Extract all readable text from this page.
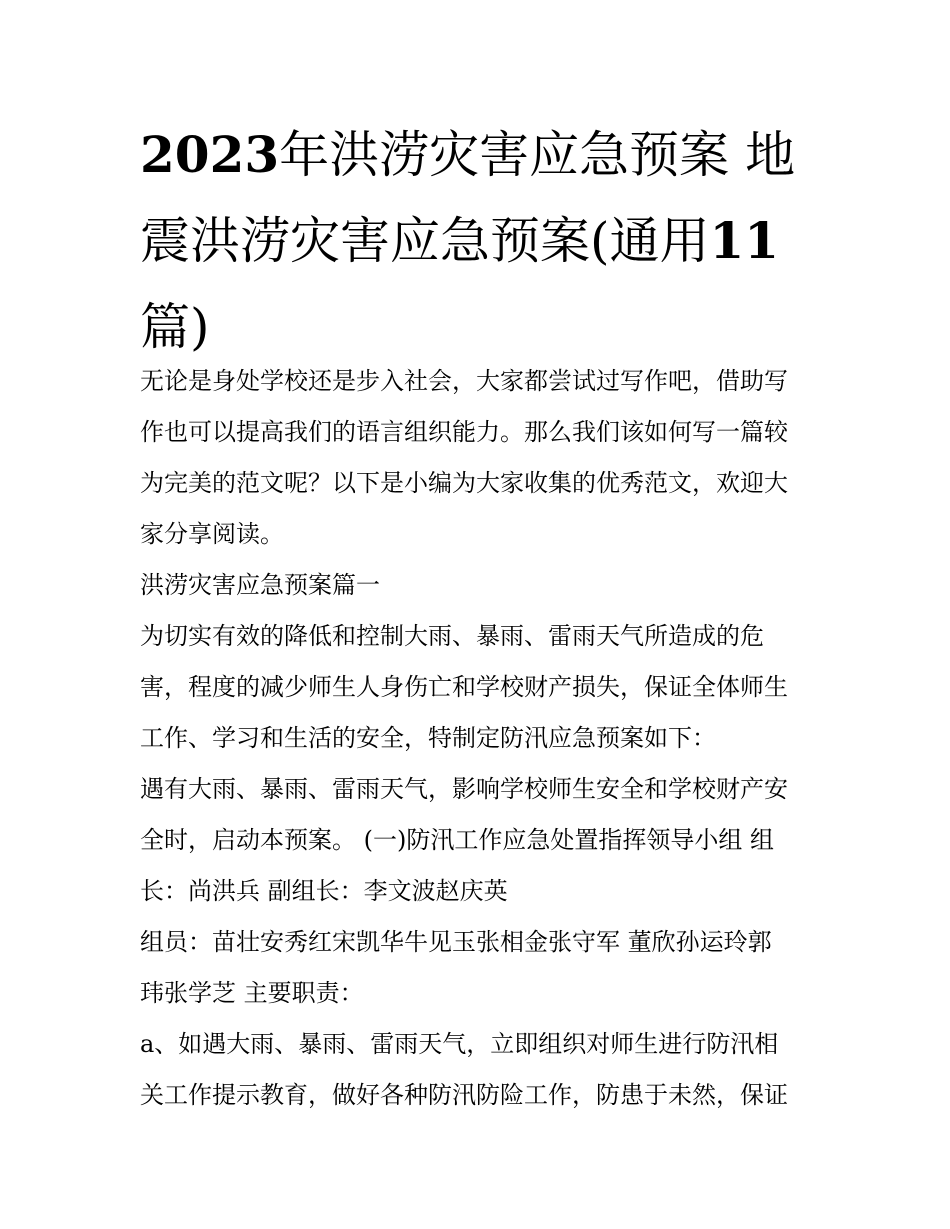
2023年洪涝灾害应急预案 地震洪涝灾害应急预案(通用11篇)

无论是身处学校还是步入社会，大家都尝试过写作吧，借助写
作也可以提高我们的语言组织能力。那么我们该如何写一篇较
为完美的范文呢？以下是小编为大家收集的优秀范文，欢迎大
家分享阅读。

洪涝灾害应急预案篇一

为切实有效的降低和控制大雨、暴雨、雷雨天气所造成的危
害，程度的减少师生人身伤亡和学校财产损失，保证全体师生
工作、学习和生活的安全，特制定防汛应急预案如下：

遇有大雨、暴雨、雷雨天气，影响学校师生安全和学校财产安
全时，启动本预案。 (一)防汛工作应急处置指挥领导小组 组
长：尚洪兵 副组长：李文波赵庆英

组员：苗壮安秀红宋凯华牛见玉张相金张守军 董欣孙运玲郭
玮张学芝 主要职责：

a、如遇大雨、暴雨、雷雨天气，立即组织对师生进行防汛相
关工作提示教育，做好各种防汛防险工作，防患于未然，保证
